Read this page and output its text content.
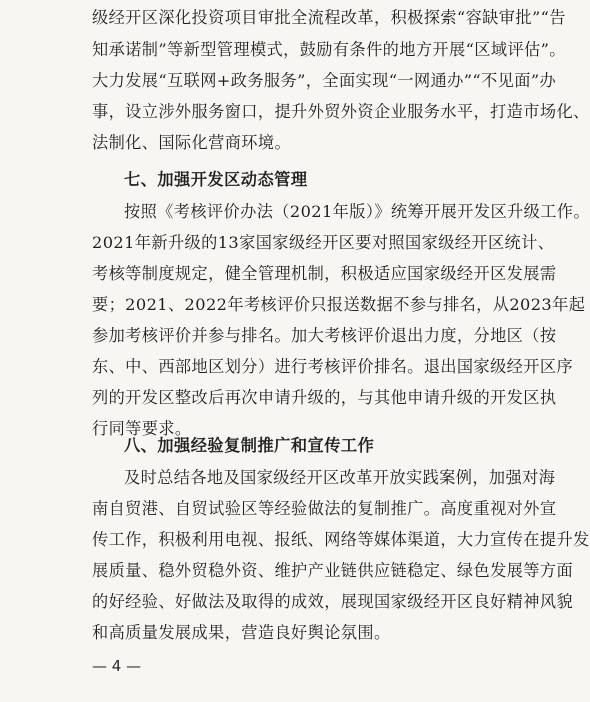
级经开区深化投资项目审批全流程改革，积极探索“容缺审批”“告
知承诺制”等新型管理模式，鼓励有条件的地方开展“区域评估”。
大力发展“互联网+政务服务”，全面实现“一网通办”“不见面”办
事，设立涉外服务窗口，提升外贸外资企业服务水平，打造市场化、
法制化、国际化营商环境。
七、加强开发区动态管理
按照《考核评价办法（2021年版）》统筹开展开发区升级工作。
2021年新升级的13家国家级经开区要对照国家级经开区统计、
考核等制度规定，健全管理机制，积极适应国家级经开区发展需
要；2021、2022年考核评价只报送数据不参与排名，从2023年起
参加考核评价并参与排名。加大考核评价退出力度，分地区（按
东、中、西部地区划分）进行考核评价排名。退出国家级经开区序
列的开发区整改后再次申请升级的，与其他申请升级的开发区执
行同等要求。
八、加强经验复制推广和宣传工作
及时总结各地及国家级经开区改革开放实践案例，加强对海
南自贸港、自贸试验区等经验做法的复制推广。高度重视对外宣
传工作，积极利用电视、报纸、网络等媒体渠道，大力宣传在提升发
展质量、稳外贸稳外资、维护产业链供应链稳定、绿色发展等方面
的好经验、好做法及取得的成效，展现国家级经开区良好精神风貌
和高质量发展成果，营造良好舆论氛围。
— 4 —
